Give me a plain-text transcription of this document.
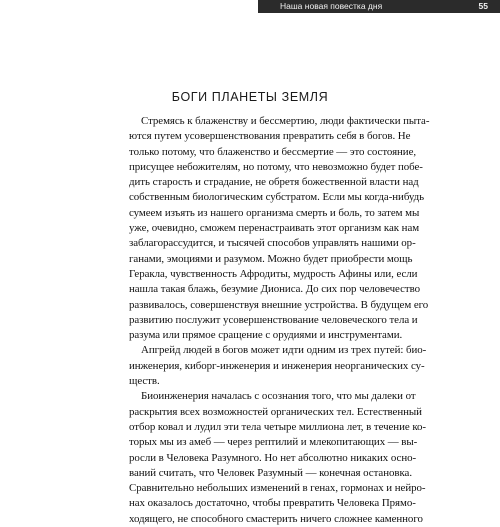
Наша новая повестка дня	55
БОГИ ПЛАНЕТЫ ЗЕМЛЯ

Стремясь к блаженству и бессмертию, люди фактически пыта-
ются путем усовершенствования превратить себя в богов. Не
только потому, что блаженство и бессмертие — это состояние,
присущее небожителям, но потому, что невозможно будет побе-
дить старость и страдание, не обретя божественной власти над
собственным биологическим субстратом. Если мы когда-нибудь
сумеем изъять из нашего организма смерть и боль, то затем мы
уже, очевидно, сможем перенастраивать этот организм как нам
заблагорассудится, и тысячей способов управлять нашими ор-
ганами, эмоциями и разумом. Можно будет приобрести мощь
Геракла, чувственность Афродиты, мудрость Афины или, если
нашла такая блажь, безумие Диониса. До сих пор человечество
развивалось, совершенствуя внешние устройства. В будущем его
развитию послужит усовершенствование человеческого тела и
разума или прямое сращение с орудиями и инструментами.

Апгрейд людей в богов может идти одним из трех путей: био-
инженерия, киборг-инженерия и инженерия неорганических су-
ществ.

Биоинженерия началась с осознания того, что мы далеки от
раскрытия всех возможностей органических тел. Естественный
отбор ковал и лудил эти тела четыре миллиона лет, в течение ко-
торых мы из амеб — через рептилий и млекопитающих — вы-
росли в Человека Разумного. Но нет абсолютно никаких осно-
ваний считать, что Человек Разумный — конечная остановка.
Сравнительно небольших изменений в генах, гормонах и нейро-
нах оказалось достаточно, чтобы превратить Человека Прямо-
ходящего, не способного смастерить ничего сложнее каменного
